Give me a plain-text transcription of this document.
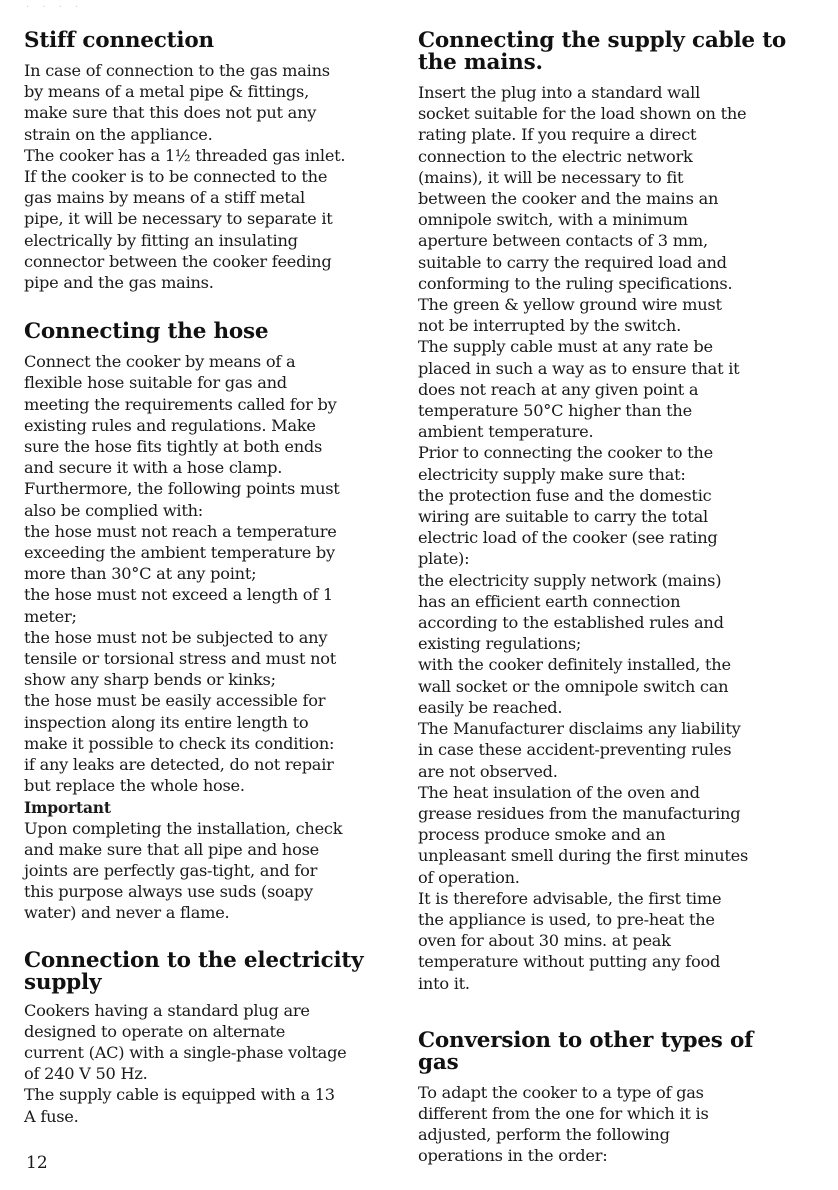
· · · ·
Stiff connection

In case of connection to the gas mains

by means of a metal pipe & fittings,

make sure that this does not put any

strain on the appliance.

The cooker has a 1½ threaded gas inlet.

If the cooker is to be connected to the

gas mains by means of a stiff metal

pipe, it will be necessary to separate it

electrically by fitting an insulating

connector between the cooker feeding

pipe and the gas mains.

Connecting the hose

Connect the cooker by means of a

flexible hose suitable for gas and

meeting the requirements called for by

existing rules and regulations. Make

sure the hose fits tightly at both ends

and secure it with a hose clamp.

Furthermore, the following points must

also be complied with:

the hose must not reach a temperature

exceeding the ambient temperature by

more than 30°C at any point;

the hose must not exceed a length of 1

meter;

the hose must not be subjected to any

tensile or torsional stress and must not

show any sharp bends or kinks;

the hose must be easily accessible for

inspection along its entire length to

make it possible to check its condition:

if any leaks are detected, do not repair

but replace the whole hose.

Important

Upon completing the installation, check

and make sure that all pipe and hose

joints are perfectly gas-tight, and for

this purpose always use suds (soapy

water) and never a flame.

Connection to the electricity
supply

Cookers having a standard plug are

designed to operate on alternate

current (AC) with a single-phase voltage

of 240 V 50 Hz.

The supply cable is equipped with a 13

A fuse.

Connecting the supply cable to
the mains.

Insert the plug into a standard wall

socket suitable for the load shown on the

rating plate. If you require a direct

connection to the electric network

(mains), it will be necessary to fit

between the cooker and the mains an

omnipole switch, with a minimum

aperture between contacts of 3 mm,

suitable to carry the required load and

conforming to the ruling specifications.

The green & yellow ground wire must

not be interrupted by the switch.

The supply cable must at any rate be

placed in such a way as to ensure that it

does not reach at any given point a

temperature 50°C higher than the

ambient temperature.

Prior to connecting the cooker to the

electricity supply make sure that:

the protection fuse and the domestic

wiring are suitable to carry the total

electric load of the cooker (see rating

plate):

the electricity supply network (mains)

has an efficient earth connection

according to the established rules and

existing regulations;

with the cooker definitely installed, the

wall socket or the omnipole switch can

easily be reached.

The Manufacturer disclaims any liability

in case these accident-preventing rules

are not observed.

The heat insulation of the oven and

grease residues from the manufacturing

process produce smoke and an

unpleasant smell during the first minutes

of operation.

It is therefore advisable, the first time

the appliance is used, to pre-heat the

oven for about 30 mins. at peak

temperature without putting any food

into it.

Conversion to other types of gas

To adapt the cooker to a type of gas

different from the one for which it is

adjusted, perform the following

operations in the order:

12
